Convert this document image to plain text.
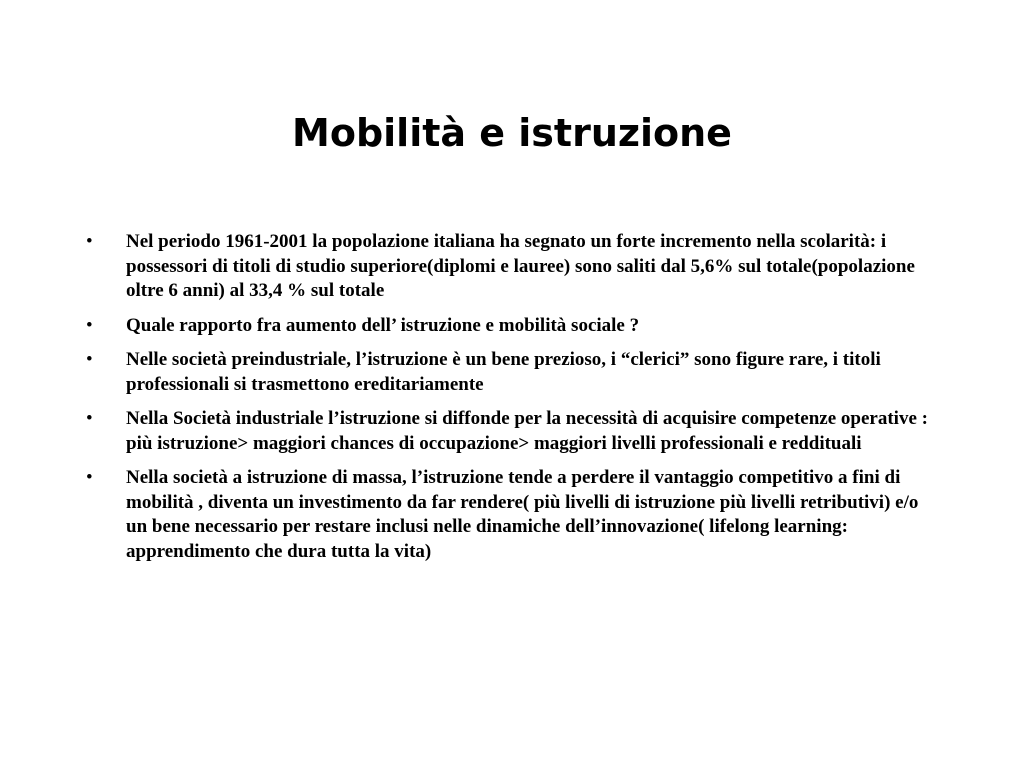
Mobilità e istruzione
• Nel periodo 1961-2001 la popolazione italiana ha segnato un forte incremento nella scolarità: i possessori di titoli di studio superiore(diplomi e lauree) sono saliti dal 5,6% sul totale(popolazione oltre 6 anni) al 33,4 % sul totale
• Quale rapporto fra aumento dell’ istruzione e mobilità sociale ?
• Nelle società preindustriale, l’istruzione è un bene prezioso, i “clerici” sono figure rare, i titoli professionali si trasmettono ereditariamente
• Nella Società industriale l’istruzione si diffonde per la necessità di acquisire competenze operative : più istruzione> maggiori chances di occupazione> maggiori livelli professionali e reddituali
• Nella società a istruzione di massa, l’istruzione tende a perdere il vantaggio competitivo a fini di mobilità , diventa un investimento da far rendere( più livelli di istruzione più livelli retributivi) e/o un bene necessario per restare inclusi nelle dinamiche dell’innovazione( lifelong learning: apprendimento che dura tutta la vita)
